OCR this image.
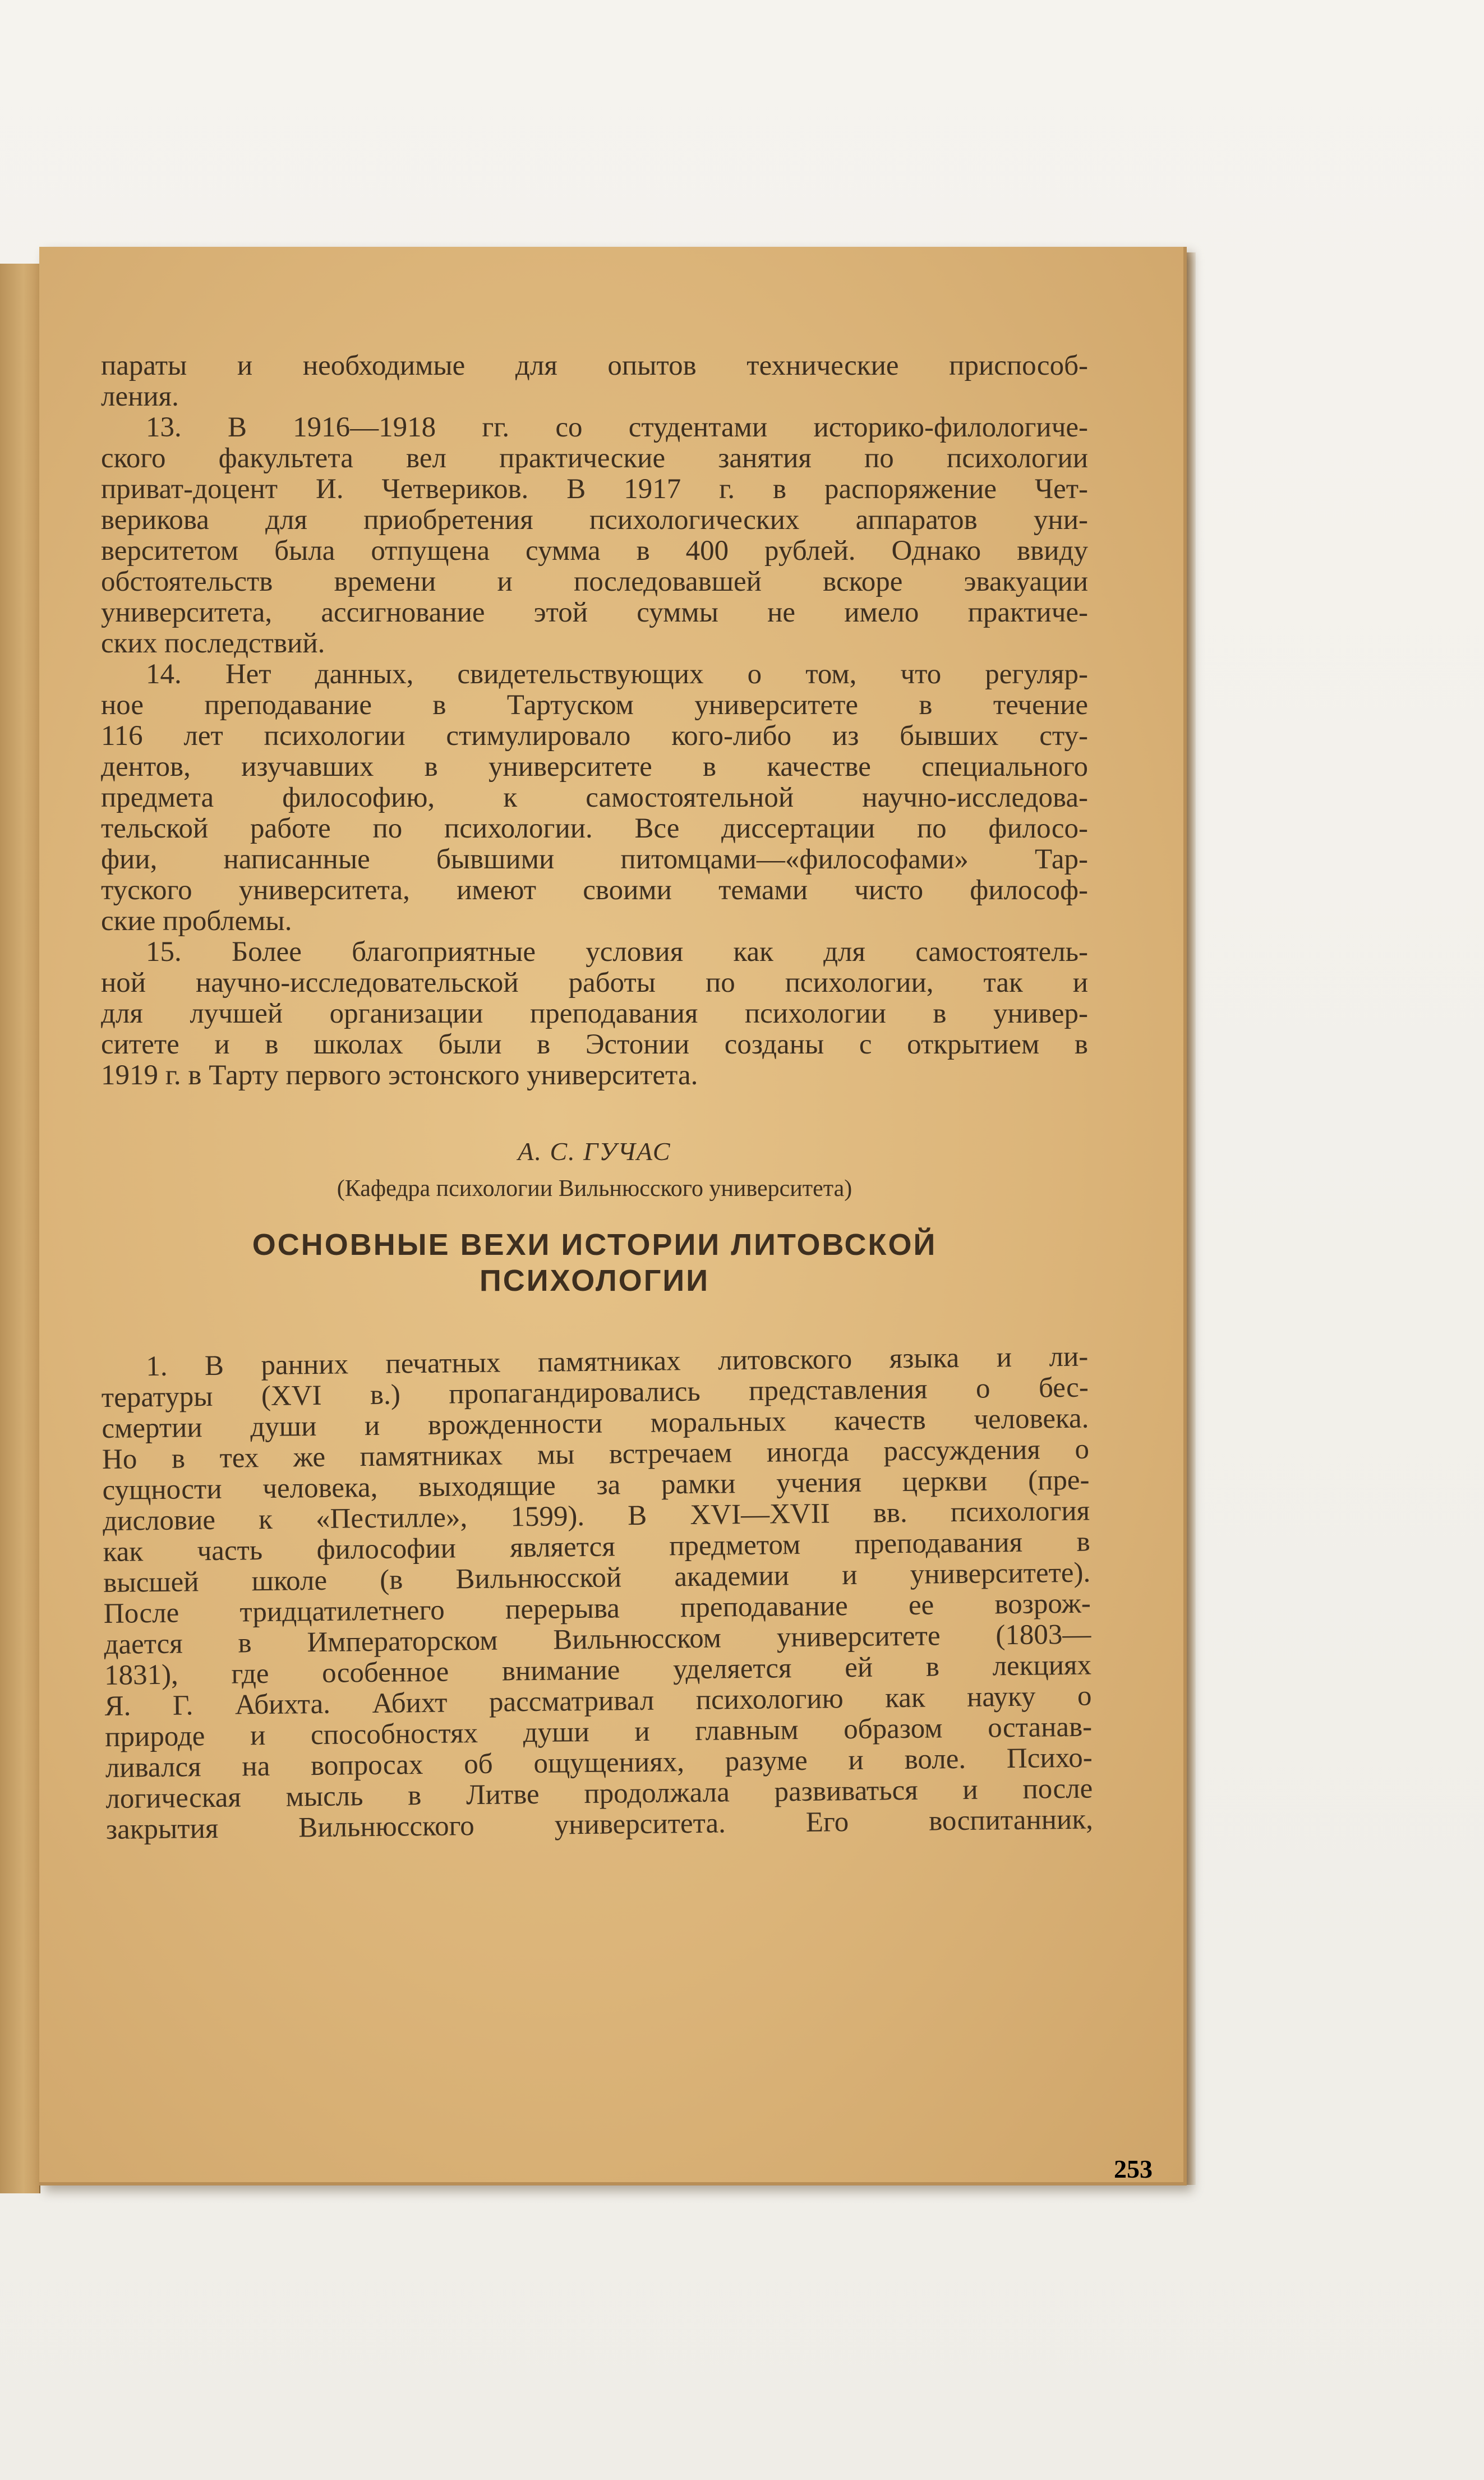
параты и необходимые для опытов технические приспособ-
ления.
13. В 1916—1918 гг. со студентами историко-филологиче-
ского факультета вел практические занятия по психологии
приват-доцент И. Четвериков. В 1917 г. в распоряжение Чет-
верикова для приобретения психологических аппаратов уни-
верситетом была отпущена сумма в 400 рублей. Однако ввиду
обстоятельств времени и последовавшей вскоре эвакуации
университета, ассигнование этой суммы не имело практиче-
ских последствий.
14. Нет данных, свидетельствующих о том, что регуляр-
ное преподавание в Тартуском университете в течение
116 лет психологии стимулировало кого-либо из бывших сту-
дентов, изучавших в университете в качестве специального
предмета философию, к самостоятельной научно-исследова-
тельской работе по психологии. Все диссертации по филосо-
фии, написанные бывшими питомцами—«философами» Тар-
туского университета, имеют своими темами чисто философ-
ские проблемы.
15. Более благоприятные условия как для самостоятель-
ной научно-исследовательской работы по психологии, так и
для лучшей организации преподавания психологии в универ-
ситете и в школах были в Эстонии созданы с открытием в
1919 г. в Тарту первого эстонского университета.
А. С. ГУЧАС
(Кафедра психологии Вильнюсского университета)
ОСНОВНЫЕ ВЕХИ ИСТОРИИ ЛИТОВСКОЙ
ПСИХОЛОГИИ
1. В ранних печатных памятниках литовского языка и ли-
тературы (XVI в.) пропагандировались представления о бес-
смертии души и врожденности моральных качеств человека.
Но в тех же памятниках мы встречаем иногда рассуждения о
сущности человека, выходящие за рамки учения церкви (пре-
дисловие к «Пестилле», 1599). В XVI—XVII вв. психология
как часть философии является предметом преподавания в
высшей школе (в Вильнюсской академии и университете).
После тридцатилетнего перерыва преподавание ее возрож-
дается в Императорском Вильнюсском университете (1803—
1831), где особенное внимание уделяется ей в лекциях
Я. Г. Абихта. Абихт рассматривал психологию как науку о
природе и способностях души и главным образом останав-
ливался на вопросах об ощущениях, разуме и воле. Психо-
логическая мысль в Литве продолжала развиваться и после
закрытия Вильнюсского университета. Его воспитанник,
253
